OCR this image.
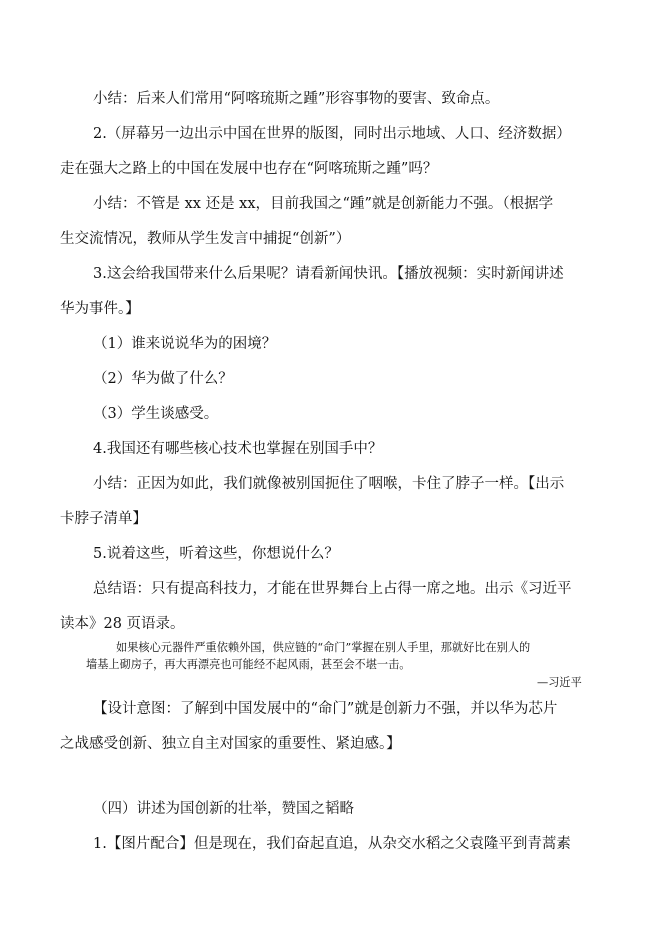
小结：后来人们常用“阿喀琉斯之踵”形容事物的要害、致命点。
2.（屏幕另一边出示中国在世界的版图，同时出示地域、人口、经济数据）
走在强大之路上的中国在发展中也存在“阿喀琉斯之踵”吗？
小结：不管是 xx 还是 xx，目前我国之“踵”就是创新能力不强。（根据学
生交流情况，教师从学生发言中捕捉“创新”）
3.这会给我国带来什么后果呢？请看新闻快讯。【播放视频：实时新闻讲述
华为事件。】
（1）谁来说说华为的困境？
（2）华为做了什么？
（3）学生谈感受。
4.我国还有哪些核心技术也掌握在别国手中？
小结：正因为如此，我们就像被别国扼住了咽喉，卡住了脖子一样。【出示
卡脖子清单】
5.说着这些，听着这些，你想说什么？
总结语：只有提高科技力，才能在世界舞台上占得一席之地。出示《习近平
读本》28 页语录。
如果核心元器件严重依赖外国，供应链的“命门”掌握在别人手里，那就好比在别人的
墙基上砌房子，再大再漂亮也可能经不起风雨，甚至会不堪一击。
—习近平
【设计意图：了解到中国发展中的“命门”就是创新力不强，并以华为芯片
之战感受创新、独立自主对国家的重要性、紧迫感。】
（四）讲述为国创新的壮举，赞国之韬略
1.【图片配合】但是现在，我们奋起直追，从杂交水稻之父袁隆平到青蒿素
